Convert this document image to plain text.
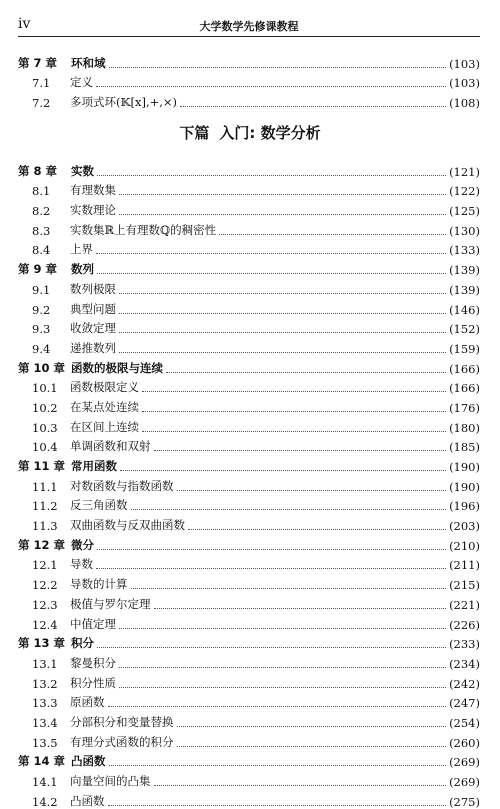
iv	大学数学先修课教程
第 7 章	环和域	(103)
7.1	定义	(103)
7.2	多项式环(𝕂[x],+,×)	(108)
下篇 入门: 数学分析
第 8 章	实数	(121)
8.1	有理数集	(122)
8.2	实数理论	(125)
8.3	实数集ℝ上有理数ℚ的稠密性	(130)
8.4	上界	(133)
第 9 章	数列	(139)
9.1	数列极限	(139)
9.2	典型问题	(146)
9.3	收敛定理	(152)
9.4	递推数列	(159)
第 10 章 函数的极限与连续	(166)
10.1	函数极限定义	(166)
10.2	在某点处连续	(176)
10.3	在区间上连续	(180)
10.4	单调函数和双射	(185)
第 11 章 常用函数	(190)
11.1	对数函数与指数函数	(190)
11.2	反三角函数	(196)
11.3	双曲函数与反双曲函数	(203)
第 12 章 微分	(210)
12.1	导数	(211)
12.2	导数的计算	(215)
12.3	极值与罗尔定理	(221)
12.4	中值定理	(226)
第 13 章 积分	(233)
13.1	黎曼积分	(234)
13.2	积分性质	(242)
13.3	原函数	(247)
13.4	分部积分和变量替换	(254)
13.5	有理分式函数的积分	(260)
第 14 章 凸函数	(269)
14.1	向量空间的凸集	(269)
14.2	凸函数	(275)
